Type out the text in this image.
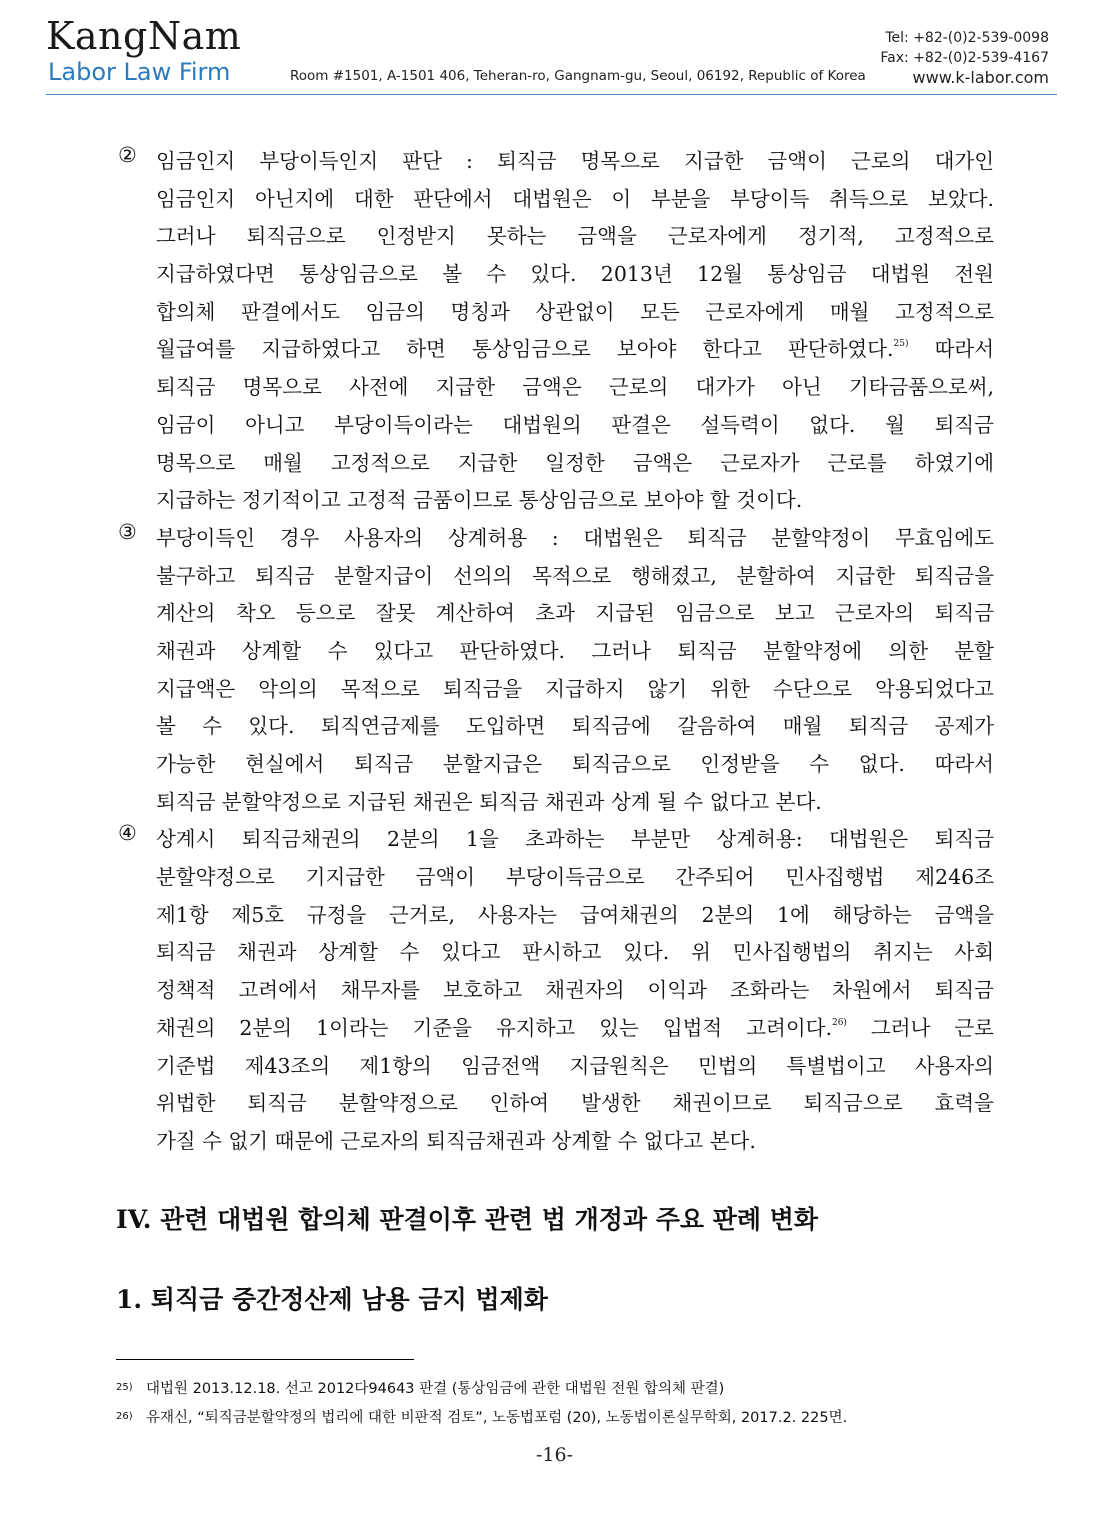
KangNam
Labor Law Firm	Room #1501, A-1501 406, Teheran-ro, Gangnam-gu, Seoul, 06192, Republic of Korea
Tel: +82-(0)2-539-0098
Fax: +82-(0)2-539-4167
www.k-labor.com
② 임금인지 부당이득인지 판단 : 퇴직금 명목으로 지급한 금액이 근로의 대가인
임금인지 아닌지에 대한 판단에서 대법원은 이 부분을 부당이득 취득으로 보았다.
그러나 퇴직금으로 인정받지 못하는 금액을 근로자에게 정기적, 고정적으로
지급하였다면 통상임금으로 볼 수 있다. 2013년 12월 통상임금 대법원 전원
합의체 판결에서도 임금의 명칭과 상관없이 모든 근로자에게 매월 고정적으로
월급여를 지급하였다고 하면 통상임금으로 보아야 한다고 판단하였다.$^{25)}$ 따라서
퇴직금 명목으로 사전에 지급한 금액은 근로의 대가가 아닌 기타금품으로써,
임금이 아니고 부당이득이라는 대법원의 판결은 설득력이 없다. 월 퇴직금
명목으로 매월 고정적으로 지급한 일정한 금액은 근로자가 근로를 하였기에
지급하는 정기적이고 고정적 금품이므로 통상임금으로 보아야 할 것이다.
③ 부당이득인 경우 사용자의 상계허용 : 대법원은 퇴직금 분할약정이 무효임에도
불구하고 퇴직금 분할지급이 선의의 목적으로 행해졌고, 분할하여 지급한 퇴직금을
계산의 착오 등으로 잘못 계산하여 초과 지급된 임금으로 보고 근로자의 퇴직금
채권과 상계할 수 있다고 판단하였다. 그러나 퇴직금 분할약정에 의한 분할
지급액은 악의의 목적으로 퇴직금을 지급하지 않기 위한 수단으로 악용되었다고
볼 수 있다. 퇴직연금제를 도입하면 퇴직금에 갈음하여 매월 퇴직금 공제가
가능한 현실에서 퇴직금 분할지급은 퇴직금으로 인정받을 수 없다. 따라서
퇴직금 분할약정으로 지급된 채권은 퇴직금 채권과 상계 될 수 없다고 본다.
④ 상계시 퇴직금채권의 2분의 1을 초과하는 부분만 상계허용: 대법원은 퇴직금
분할약정으로 기지급한 금액이 부당이득금으로 간주되어 민사집행법 제246조
제1항 제5호 규정을 근거로, 사용자는 급여채권의 2분의 1에 해당하는 금액을
퇴직금 채권과 상계할 수 있다고 판시하고 있다. 위 민사집행법의 취지는 사회
정책적 고려에서 채무자를 보호하고 채권자의 이익과 조화라는 차원에서 퇴직금
채권의 2분의 1이라는 기준을 유지하고 있는 입법적 고려이다.$^{26)}$ 그러나 근로
기준법 제43조의 제1항의 임금전액 지급원칙은 민법의 특별법이고 사용자의
위법한 퇴직금 분할약정으로 인하여 발생한 채권이므로 퇴직금으로 효력을
가질 수 없기 때문에 근로자의 퇴직금채권과 상계할 수 없다고 본다.
IV. 관련 대법원 합의체 판결이후 관련 법 개정과 주요 판례 변화
1. 퇴직금 중간정산제 남용 금지 법제화
25) 대법원 2013.12.18. 선고 2012다94643 판결 (통상임금에 관한 대법원 전원 합의체 판결)
26) 유재신, “퇴직금분할약정의 법리에 대한 비판적 검토”, 노동법포럼 (20), 노동법이론실무학회, 2017.2. 225면.
-16-
